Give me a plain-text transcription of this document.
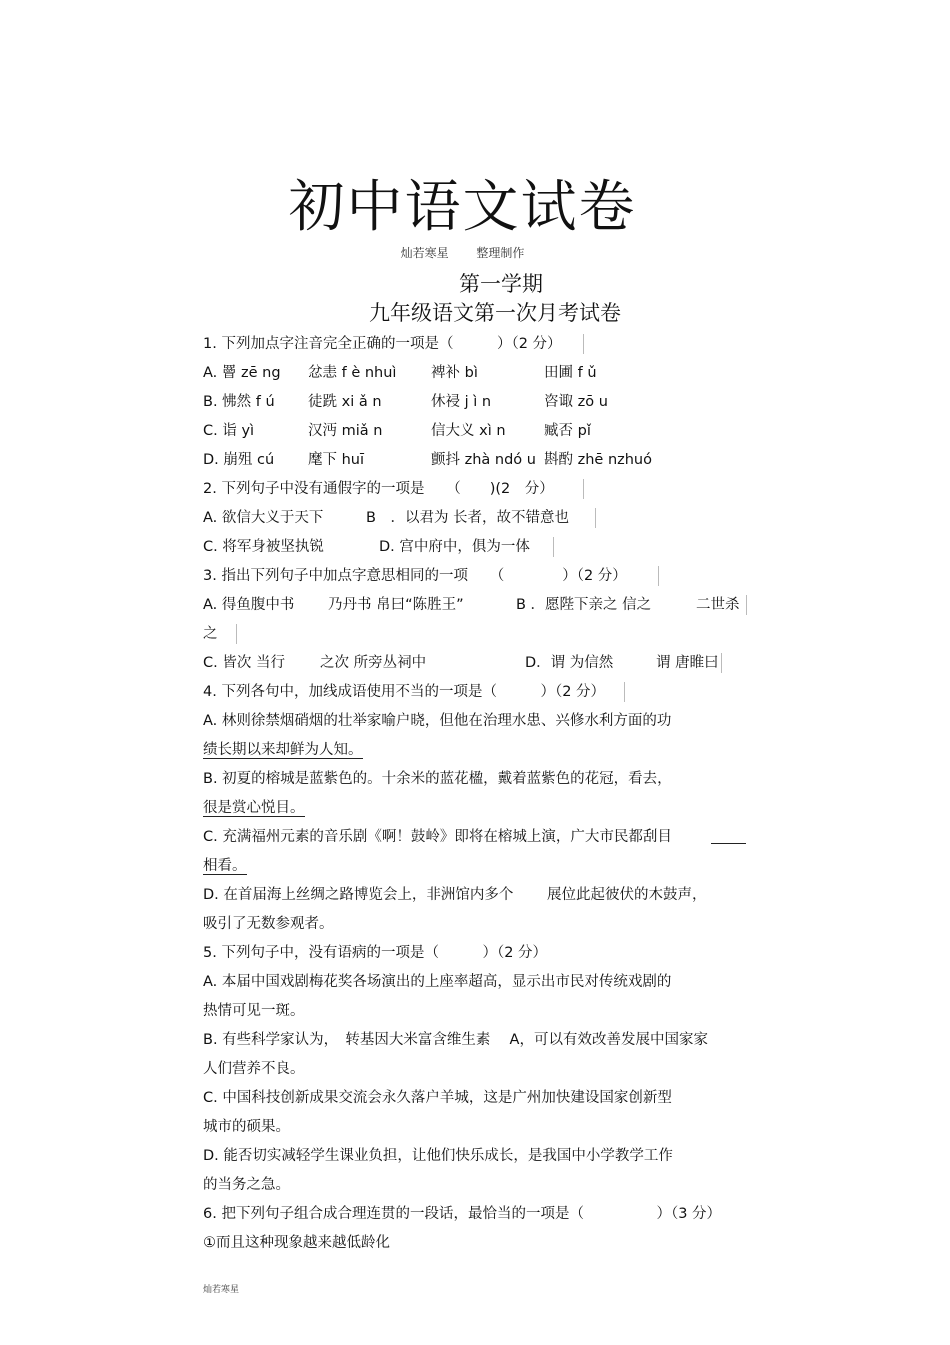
初中语文试卷
灿若寒星 整理制作
第一学期
九年级语文第一次月考试卷
1. 下列加点字注音完全正确的一项是（　　　）（2 分）
A. 罾 zē ng 忿恚 f è nhuì 裨补 bì	田圃 f ǔ
B. 怫然 f ú 徒跣 xi ǎ n	休祲 j ì n	咨诹 zō u
C. 诣 yì	汉沔 miǎ n	信大义 xì n	臧否 pǐ
D. 崩殂 cú 麾下 huī	颤抖 zhà ndó u 斟酌 zhē nzhuó
2. 下列句子中没有通假字的一项是　　（　　)(2　分）
A. 欲信大义于天下	B　．以君为 长者，故不错意也
C. 将军身被坚执锐	D. 宫中府中，俱为一体
3. 指出下列句子中加点字意思相同的一项　　（　　　　）（2 分）
A. 得鱼腹中书 乃丹书 帛曰“陈胜王”	B ．愿陛下亲之 信之	二世杀
之
C. 皆次 当行 之次 所旁丛祠中	D．谓 为信然	谓 唐睢曰
4. 下列各句中，加线成语使用不当的一项是（　　　）（2 分）
A. 林则徐禁烟硝烟的壮举家喻户晓，但他在治理水患、兴修水利方面的功
绩长期以来却鲜为人知。
B. 初夏的榕城是蓝紫色的。十余米的蓝花楹，戴着蓝紫色的花冠，看去，
很是赏心悦目。
C. 充满福州元素的音乐剧《啊！鼓岭》即将在榕城上演，广大市民都刮目
相看。
D. 在首届海上丝绸之路博览会上，非洲馆内多个　　 展位此起彼伏的木鼓声，
吸引了无数参观者。
5. 下列句子中，没有语病的一项是（　　　）（2 分）
A. 本届中国戏剧梅花奖各场演出的上座率超高，显示出市民对传统戏剧的
热情可见一斑。
B. 有些科学家认为，　转基因大米富含维生素　 A，可以有效改善发展中国家家
人们营养不良。
C. 中国科技创新成果交流会永久落户羊城，这是广州加快建设国家创新型
城市的硕果。
D. 能否切实减轻学生课业负担，让他们快乐成长，是我国中小学教学工作
的当务之急。
6. 把下列句子组合成合理连贯的一段话，最恰当的一项是（　　　　　）（3 分）
①而且这种现象越来越低龄化
灿若寒星
